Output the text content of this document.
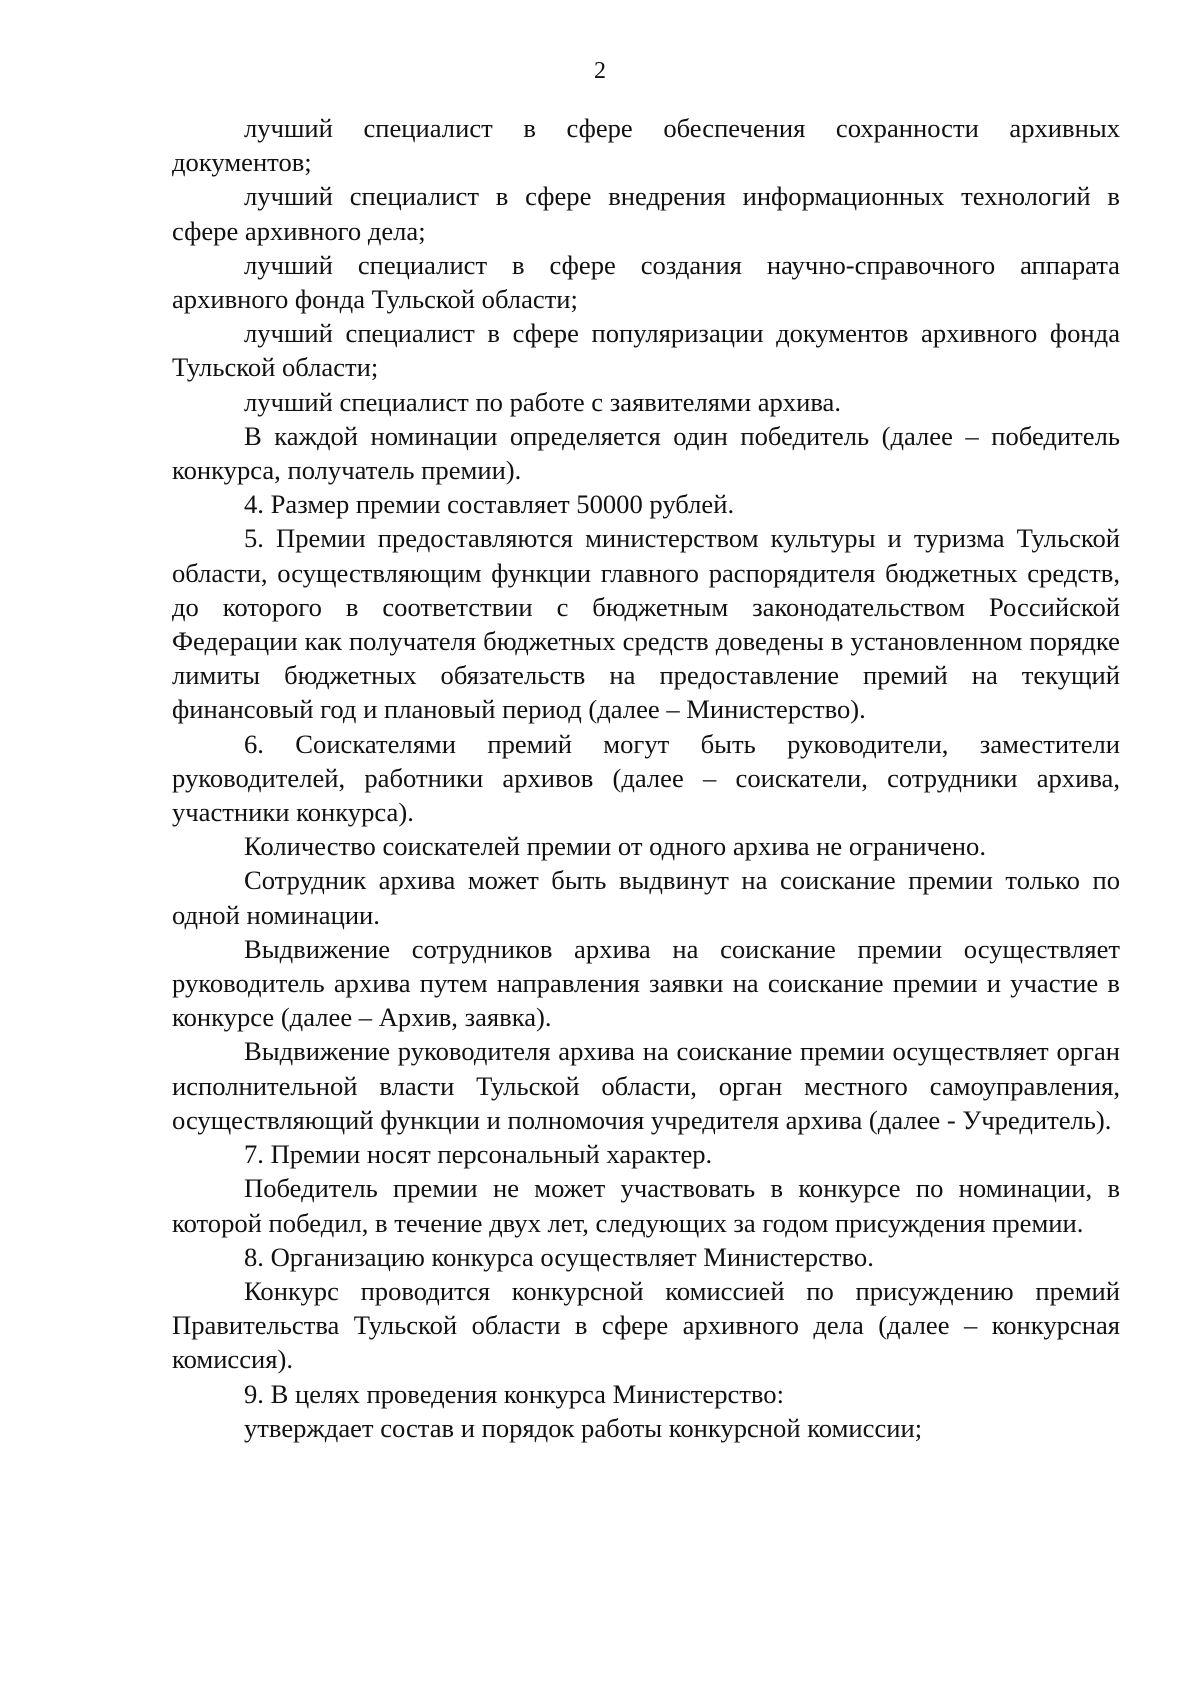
2

лучший специалист в сфере обеспечения сохранности архивных документов;

лучший специалист в сфере внедрения информационных технологий в сфере архивного дела;

лучший специалист в сфере создания научно-справочного аппарата архивного фонда Тульской области;

лучший специалист в сфере популяризации документов архивного фонда Тульской области;

лучший специалист по работе с заявителями архива.

В каждой номинации определяется один победитель (далее – победитель конкурса, получатель премии).

4. Размер премии составляет 50000 рублей.

5. Премии предоставляются министерством культуры и туризма Тульской области, осуществляющим функции главного распорядителя бюджетных средств, до которого в соответствии с бюджетным законодательством Российской Федерации как получателя бюджетных средств доведены в установленном порядке лимиты бюджетных обязательств на предоставление премий на текущий финансовый год и плановый период (далее – Министерство).

6. Соискателями премий могут быть руководители, заместители руководителей, работники архивов (далее – соискатели, сотрудники архива, участники конкурса).

Количество соискателей премии от одного архива не ограничено.

Сотрудник архива может быть выдвинут на соискание премии только по одной номинации.

Выдвижение сотрудников архива на соискание премии осуществляет руководитель архива путем направления заявки на соискание премии и участие в конкурсе (далее – Архив, заявка).

Выдвижение руководителя архива на соискание премии осуществляет орган исполнительной власти Тульской области, орган местного самоуправления, осуществляющий функции и полномочия учредителя архива (далее - Учредитель).

7. Премии носят персональный характер.

Победитель премии не может участвовать в конкурсе по номинации, в которой победил, в течение двух лет, следующих за годом присуждения премии.

8. Организацию конкурса осуществляет Министерство.

Конкурс проводится конкурсной комиссией по присуждению премий Правительства Тульской области в сфере архивного дела (далее – конкурсная комиссия).

9. В целях проведения конкурса Министерство:

утверждает состав и порядок работы конкурсной комиссии;
